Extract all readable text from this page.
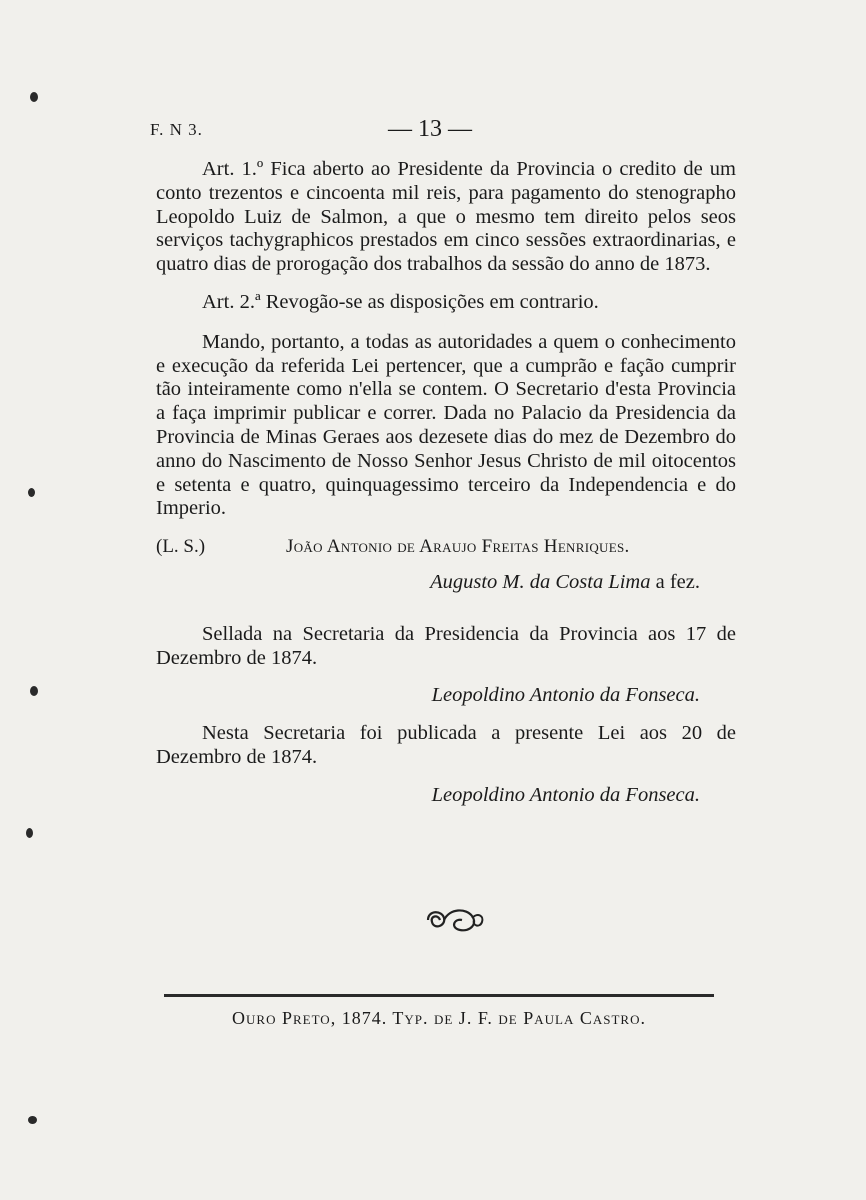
F. N 3.	— 13 —

Art. 1.º Fica aberto ao Presidente da Provincia o credito de um conto trezentos e cincoenta mil reis, para pagamento do stenographo Leopoldo Luiz de Salmon, a que o mesmo tem direito pelos seos serviços tachygraphicos prestados em cinco sessões extraordinarias, e quatro dias de prorogação dos trabalhos da sessão do anno de 1873.

Art. 2.ª Revogão-se as disposições em contrario.

Mando, portanto, a todas as autoridades a quem o conhecimento e execução da referida Lei pertencer, que a cumprão e fação cumprir tão inteiramente como n'ella se contem. O Secretario d'esta Provincia a faça imprimir publicar e correr. Dada no Palacio da Presidencia da Provincia de Minas Geraes aos dezesete dias do mez de Dezembro do anno do Nascimento de Nosso Senhor Jesus Christo de mil oitocentos e setenta e quatro, quinquagessimo terceiro da Independencia e do Imperio.

(L. S.)	João Antonio de Araujo Freitas Henriques.

Augusto M. da Costa Lima a fez.

Sellada na Secretaria da Presidencia da Provincia aos 17 de Dezembro de 1874.

Leopoldino Antonio da Fonseca.

Nesta Secretaria foi publicada a presente Lei aos 20 de Dezembro de 1874.

Leopoldino Antonio da Fonseca.

Ouro Preto, 1874. Typ. de J. F. de Paula Castro.
